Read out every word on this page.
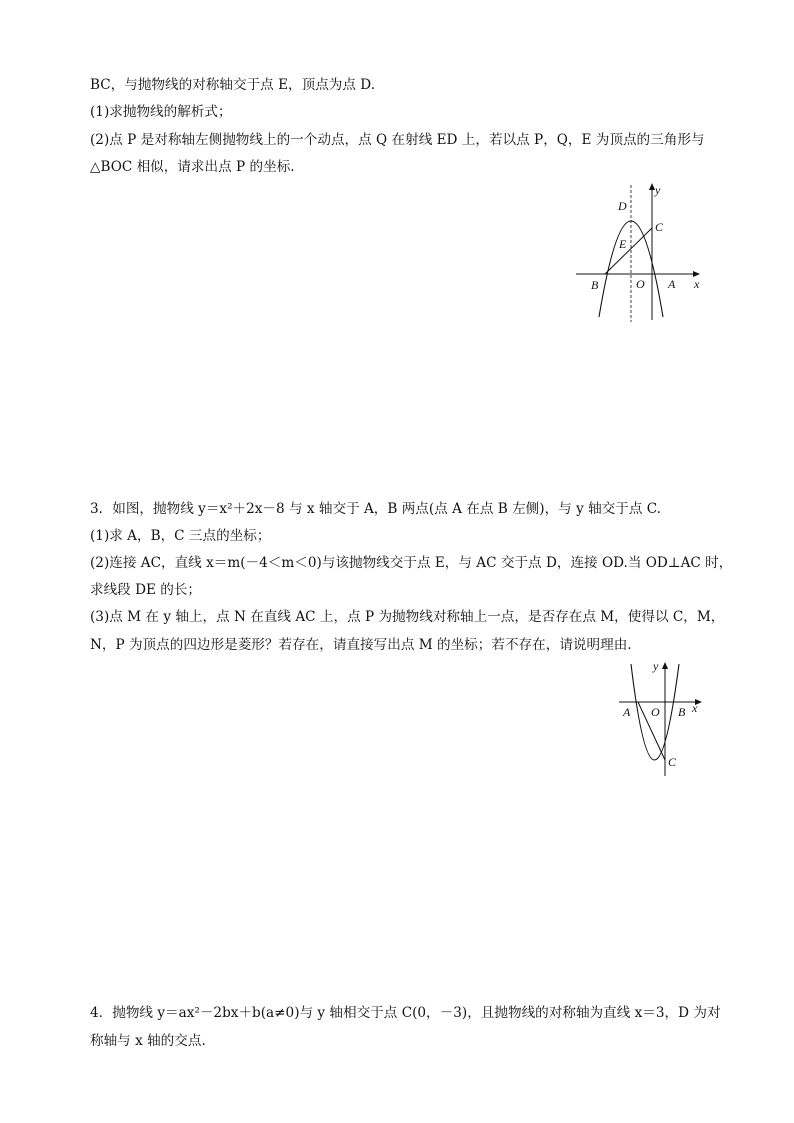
BC，与抛物线的对称轴交于点 E，顶点为点 D.
(1)求抛物线的解析式；
(2)点 P 是对称轴左侧抛物线上的一个动点，点 Q 在射线 ED 上，若以点 P，Q，E 为顶点的三角形与
△BOC 相似，请求出点 P 的坐标.
D
C
E
B	O A x
y
3．如图，抛物线 y＝x²＋2x－8 与 x 轴交于 A，B 两点(点 A 在点 B 左侧)，与 y 轴交于点 C.
(1)求 A，B，C 三点的坐标；
(2)连接 AC，直线 x＝m(－4＜m＜0)与该抛物线交于点 E，与 AC 交于点 D，连接 OD.当 OD⊥AC 时，
求线段 DE 的长；
(3)点 M 在 y 轴上，点 N 在直线 AC 上，点 P 为抛物线对称轴上一点，是否存在点 M，使得以 C，M，
N，P 为顶点的四边形是菱形？若存在，请直接写出点 M 的坐标；若不存在，请说明理由.
A O B
C
x
y
4．抛物线 y＝ax²－2bx＋b(a≠0)与 y 轴相交于点 C(0，－3)，且抛物线的对称轴为直线 x＝3，D 为对
称轴与 x 轴的交点.
